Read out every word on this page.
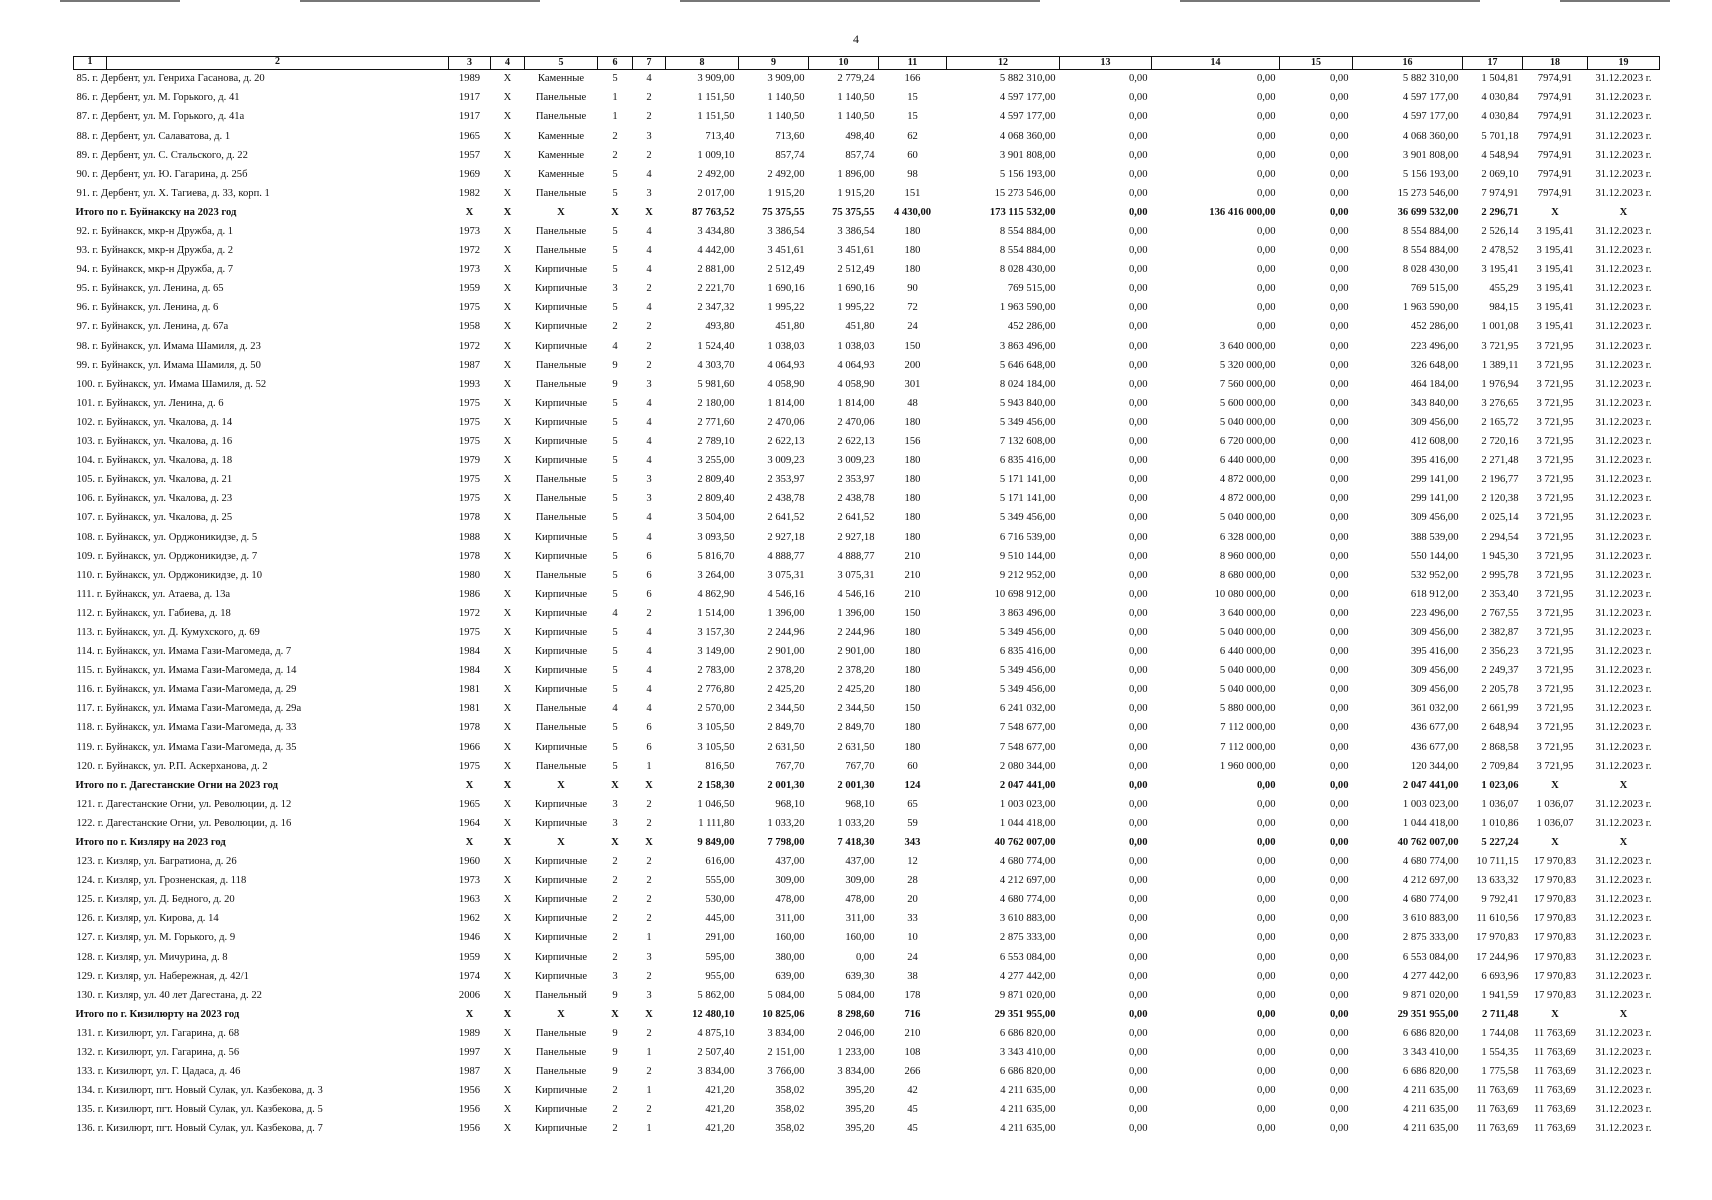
4
1 2	3	4	5	6	7	8	9	10	11	12	13	14	15	16	17	18	19
85. г. Дербент, ул. Генриха Гасанова, д. 20	1989	X	Каменные	5	4	3 909,00	3 909,00	2 779,24	166	5 882 310,00	0,00	0,00	0,00	5 882 310,00	1 504,81	7974,91	31.12.2023 г.
86. г. Дербент, ул. М. Горького, д. 41	1917	X	Панельные	1	2	1 151,50	1 140,50	1 140,50	15	4 597 177,00	0,00	0,00	0,00	4 597 177,00	4 030,84	7974,91	31.12.2023 г.
87. г. Дербент, ул. М. Горького, д. 41а	1917	X	Панельные	1	2	1 151,50	1 140,50	1 140,50	15	4 597 177,00	0,00	0,00	0,00	4 597 177,00	4 030,84	7974,91	31.12.2023 г.
88. г. Дербент, ул. Салаватова, д. 1	1965	X	Каменные	2	3	713,40	713,60	498,40	62	4 068 360,00	0,00	0,00	0,00	4 068 360,00	5 701,18	7974,91	31.12.2023 г.
89. г. Дербент, ул. С. Стальского, д. 22	1957	X	Каменные	2	2	1 009,10	857,74	857,74	60	3 901 808,00	0,00	0,00	0,00	3 901 808,00	4 548,94	7974,91	31.12.2023 г.
90. г. Дербент, ул. Ю. Гагарина, д. 25б	1969	X	Каменные	5	4	2 492,00	2 492,00	1 896,00	98	5 156 193,00	0,00	0,00	0,00	5 156 193,00	2 069,10	7974,91	31.12.2023 г.
91. г. Дербент, ул. Х. Тагиева, д. 33, корп. 1	1982	X	Панельные	5	3	2 017,00	1 915,20	1 915,20	151	15 273 546,00	0,00	0,00	0,00	15 273 546,00	7 974,91	7974,91	31.12.2023 г.
Итого по г. Буйнакску на 2023 год	X	X	X	X	X	87 763,52	75 375,55	75 375,55	4 430,00	173 115 532,00	0,00	136 416 000,00	0,00	36 699 532,00	2 296,71	X	X
92. г. Буйнакск, мкр-н Дружба, д. 1	1973	X	Панельные	5	4	3 434,80	3 386,54	3 386,54	180	8 554 884,00	0,00	0,00	0,00	8 554 884,00	2 526,14	3 195,41	31.12.2023 г.
93. г. Буйнакск, мкр-н Дружба, д. 2	1972	X	Панельные	5	4	4 442,00	3 451,61	3 451,61	180	8 554 884,00	0,00	0,00	0,00	8 554 884,00	2 478,52	3 195,41	31.12.2023 г.
94. г. Буйнакск, мкр-н Дружба, д. 7	1973	X	Кирпичные	5	4	2 881,00	2 512,49	2 512,49	180	8 028 430,00	0,00	0,00	0,00	8 028 430,00	3 195,41	3 195,41	31.12.2023 г.
95. г. Буйнакск, ул. Ленина, д. 65	1959	X	Кирпичные	3	2	2 221,70	1 690,16	1 690,16	90	769 515,00	0,00	0,00	0,00	769 515,00	455,29	3 195,41	31.12.2023 г.
96. г. Буйнакск, ул. Ленина, д. 6	1975	X	Кирпичные	5	4	2 347,32	1 995,22	1 995,22	72	1 963 590,00	0,00	0,00	0,00	1 963 590,00	984,15	3 195,41	31.12.2023 г.
97. г. Буйнакск, ул. Ленина, д. 67а	1958	X	Кирпичные	2	2	493,80	451,80	451,80	24	452 286,00	0,00	0,00	0,00	452 286,00	1 001,08	3 195,41	31.12.2023 г.
98. г. Буйнакск, ул. Имама Шамиля, д. 23	1972	X	Кирпичные	4	2	1 524,40	1 038,03	1 038,03	150	3 863 496,00	0,00	3 640 000,00	0,00	223 496,00	3 721,95	3 721,95	31.12.2023 г.
99. г. Буйнакск, ул. Имама Шамиля, д. 50	1987	X	Панельные	9	2	4 303,70	4 064,93	4 064,93	200	5 646 648,00	0,00	5 320 000,00	0,00	326 648,00	1 389,11	3 721,95	31.12.2023 г.
100. г. Буйнакск, ул. Имама Шамиля, д. 52	1993	X	Панельные	9	3	5 981,60	4 058,90	4 058,90	301	8 024 184,00	0,00	7 560 000,00	0,00	464 184,00	1 976,94	3 721,95	31.12.2023 г.
101. г. Буйнакск, ул. Ленина, д. 6	1975	X	Кирпичные	5	4	2 180,00	1 814,00	1 814,00	48	5 943 840,00	0,00	5 600 000,00	0,00	343 840,00	3 276,65	3 721,95	31.12.2023 г.
102. г. Буйнакск, ул. Чкалова, д. 14	1975	X	Кирпичные	5	4	2 771,60	2 470,06	2 470,06	180	5 349 456,00	0,00	5 040 000,00	0,00	309 456,00	2 165,72	3 721,95	31.12.2023 г.
103. г. Буйнакск, ул. Чкалова, д. 16	1975	X	Кирпичные	5	4	2 789,10	2 622,13	2 622,13	156	7 132 608,00	0,00	6 720 000,00	0,00	412 608,00	2 720,16	3 721,95	31.12.2023 г.
104. г. Буйнакск, ул. Чкалова, д. 18	1979	X	Кирпичные	5	4	3 255,00	3 009,23	3 009,23	180	6 835 416,00	0,00	6 440 000,00	0,00	395 416,00	2 271,48	3 721,95	31.12.2023 г.
105. г. Буйнакск, ул. Чкалова, д. 21	1975	X	Панельные	5	3	2 809,40	2 353,97	2 353,97	180	5 171 141,00	0,00	4 872 000,00	0,00	299 141,00	2 196,77	3 721,95	31.12.2023 г.
106. г. Буйнакск, ул. Чкалова, д. 23	1975	X	Панельные	5	3	2 809,40	2 438,78	2 438,78	180	5 171 141,00	0,00	4 872 000,00	0,00	299 141,00	2 120,38	3 721,95	31.12.2023 г.
107. г. Буйнакск, ул. Чкалова, д. 25	1978	X	Панельные	5	4	3 504,00	2 641,52	2 641,52	180	5 349 456,00	0,00	5 040 000,00	0,00	309 456,00	2 025,14	3 721,95	31.12.2023 г.
108. г. Буйнакск, ул. Орджоникидзе, д. 5	1988	X	Кирпичные	5	4	3 093,50	2 927,18	2 927,18	180	6 716 539,00	0,00	6 328 000,00	0,00	388 539,00	2 294,54	3 721,95	31.12.2023 г.
109. г. Буйнакск, ул. Орджоникидзе, д. 7	1978	X	Кирпичные	5	6	5 816,70	4 888,77	4 888,77	210	9 510 144,00	0,00	8 960 000,00	0,00	550 144,00	1 945,30	3 721,95	31.12.2023 г.
110. г. Буйнакск, ул. Орджоникидзе, д. 10	1980	X	Панельные	5	6	3 264,00	3 075,31	3 075,31	210	9 212 952,00	0,00	8 680 000,00	0,00	532 952,00	2 995,78	3 721,95	31.12.2023 г.
111. г. Буйнакск, ул. Атаева, д. 13а	1986	X	Кирпичные	5	6	4 862,90	4 546,16	4 546,16	210	10 698 912,00	0,00	10 080 000,00	0,00	618 912,00	2 353,40	3 721,95	31.12.2023 г.
112. г. Буйнакск, ул. Габиева, д. 18	1972	X	Кирпичные	4	2	1 514,00	1 396,00	1 396,00	150	3 863 496,00	0,00	3 640 000,00	0,00	223 496,00	2 767,55	3 721,95	31.12.2023 г.
113. г. Буйнакск, ул. Д. Кумухского, д. 69	1975	X	Кирпичные	5	4	3 157,30	2 244,96	2 244,96	180	5 349 456,00	0,00	5 040 000,00	0,00	309 456,00	2 382,87	3 721,95	31.12.2023 г.
114. г. Буйнакск, ул. Имама Гази-Магомеда, д. 7	1984	X	Кирпичные	5	4	3 149,00	2 901,00	2 901,00	180	6 835 416,00	0,00	6 440 000,00	0,00	395 416,00	2 356,23	3 721,95	31.12.2023 г.
115. г. Буйнакск, ул. Имама Гази-Магомеда, д. 14	1984	X	Кирпичные	5	4	2 783,00	2 378,20	2 378,20	180	5 349 456,00	0,00	5 040 000,00	0,00	309 456,00	2 249,37	3 721,95	31.12.2023 г.
116. г. Буйнакск, ул. Имама Гази-Магомеда, д. 29	1981	X	Кирпичные	5	4	2 776,80	2 425,20	2 425,20	180	5 349 456,00	0,00	5 040 000,00	0,00	309 456,00	2 205,78	3 721,95	31.12.2023 г.
117. г. Буйнакск, ул. Имама Гази-Магомеда, д. 29а	1981	X	Панельные	4	4	2 570,00	2 344,50	2 344,50	150	6 241 032,00	0,00	5 880 000,00	0,00	361 032,00	2 661,99	3 721,95	31.12.2023 г.
118. г. Буйнакск, ул. Имама Гази-Магомеда, д. 33	1978	X	Панельные	5	6	3 105,50	2 849,70	2 849,70	180	7 548 677,00	0,00	7 112 000,00	0,00	436 677,00	2 648,94	3 721,95	31.12.2023 г.
119. г. Буйнакск, ул. Имама Гази-Магомеда, д. 35	1966	X	Кирпичные	5	6	3 105,50	2 631,50	2 631,50	180	7 548 677,00	0,00	7 112 000,00	0,00	436 677,00	2 868,58	3 721,95	31.12.2023 г.
120. г. Буйнакск, ул. Р.П. Аскерханова, д. 2	1975	X	Панельные	5	1	816,50	767,70	767,70	60	2 080 344,00	0,00	1 960 000,00	0,00	120 344,00	2 709,84	3 721,95	31.12.2023 г.
Итого по г. Дагестанские Огни на 2023 год	X	X	X	X	X	2 158,30	2 001,30	2 001,30	124	2 047 441,00	0,00	0,00	0,00	2 047 441,00	1 023,06	X	X
121. г. Дагестанские Огни, ул. Революции, д. 12	1965	X	Кирпичные	3	2	1 046,50	968,10	968,10	65	1 003 023,00	0,00	0,00	0,00	1 003 023,00	1 036,07	1 036,07	31.12.2023 г.
122. г. Дагестанские Огни, ул. Революции, д. 16	1964	X	Кирпичные	3	2	1 111,80	1 033,20	1 033,20	59	1 044 418,00	0,00	0,00	0,00	1 044 418,00	1 010,86	1 036,07	31.12.2023 г.
Итого по г. Кизляру на 2023 год	X	X	X	X	X	9 849,00	7 798,00	7 418,30	343	40 762 007,00	0,00	0,00	0,00	40 762 007,00	5 227,24	X	X
123. г. Кизляр, ул. Багратиона, д. 26	1960	X	Кирпичные	2	2	616,00	437,00	437,00	12	4 680 774,00	0,00	0,00	0,00	4 680 774,00	10 711,15	17 970,83	31.12.2023 г.
124. г. Кизляр, ул. Грозненская, д. 118	1973	X	Кирпичные	2	2	555,00	309,00	309,00	28	4 212 697,00	0,00	0,00	0,00	4 212 697,00	13 633,32	17 970,83	31.12.2023 г.
125. г. Кизляр, ул. Д. Бедного, д. 20	1963	X	Кирпичные	2	2	530,00	478,00	478,00	20	4 680 774,00	0,00	0,00	0,00	4 680 774,00	9 792,41	17 970,83	31.12.2023 г.
126. г. Кизляр, ул. Кирова, д. 14	1962	X	Кирпичные	2	2	445,00	311,00	311,00	33	3 610 883,00	0,00	0,00	0,00	3 610 883,00	11 610,56	17 970,83	31.12.2023 г.
127. г. Кизляр, ул. М. Горького, д. 9	1946	X	Кирпичные	2	1	291,00	160,00	160,00	10	2 875 333,00	0,00	0,00	0,00	2 875 333,00	17 970,83	17 970,83	31.12.2023 г.
128. г. Кизляр, ул. Мичурина, д. 8	1959	X	Кирпичные	2	3	595,00	380,00	0,00	24	6 553 084,00	0,00	0,00	0,00	6 553 084,00	17 244,96	17 970,83	31.12.2023 г.
129. г. Кизляр, ул. Набережная, д. 42/1	1974	X	Кирпичные	3	2	955,00	639,00	639,30	38	4 277 442,00	0,00	0,00	0,00	4 277 442,00	6 693,96	17 970,83	31.12.2023 г.
130. г. Кизляр, ул. 40 лет Дагестана, д. 22	2006	X	Панельный	9	3	5 862,00	5 084,00	5 084,00	178	9 871 020,00	0,00	0,00	0,00	9 871 020,00	1 941,59	17 970,83	31.12.2023 г.
Итого по г. Кизилюрту на 2023 год	X	X	X	X	X	12 480,10	10 825,06	8 298,60	716	29 351 955,00	0,00	0,00	0,00	29 351 955,00	2 711,48	X	X
131. г. Кизилюрт, ул. Гагарина, д. 68	1989	X	Панельные	9	2	4 875,10	3 834,00	2 046,00	210	6 686 820,00	0,00	0,00	0,00	6 686 820,00	1 744,08	11 763,69	31.12.2023 г.
132. г. Кизилюрт, ул. Гагарина, д. 56	1997	X	Панельные	9	1	2 507,40	2 151,00	1 233,00	108	3 343 410,00	0,00	0,00	0,00	3 343 410,00	1 554,35	11 763,69	31.12.2023 г.
133. г. Кизилюрт, ул. Г. Цадаса, д. 46	1987	X	Панельные	9	2	3 834,00	3 766,00	3 834,00	266	6 686 820,00	0,00	0,00	0,00	6 686 820,00	1 775,58	11 763,69	31.12.2023 г.
134. г. Кизилюрт, пгт. Новый Сулак, ул. Казбекова, д. 3	1956	X	Кирпичные	2	1	421,20	358,02	395,20	42	4 211 635,00	0,00	0,00	0,00	4 211 635,00	11 763,69	11 763,69	31.12.2023 г.
135. г. Кизилюрт, пгт. Новый Сулак, ул. Казбекова, д. 5	1956	X	Кирпичные	2	2	421,20	358,02	395,20	45	4 211 635,00	0,00	0,00	0,00	4 211 635,00	11 763,69	11 763,69	31.12.2023 г.
136. г. Кизилюрт, пгт. Новый Сулак, ул. Казбекова, д. 7	1956	X	Кирпичные	2	1	421,20	358,02	395,20	45	4 211 635,00	0,00	0,00	0,00	4 211 635,00	11 763,69	11 763,69	31.12.2023 г.
